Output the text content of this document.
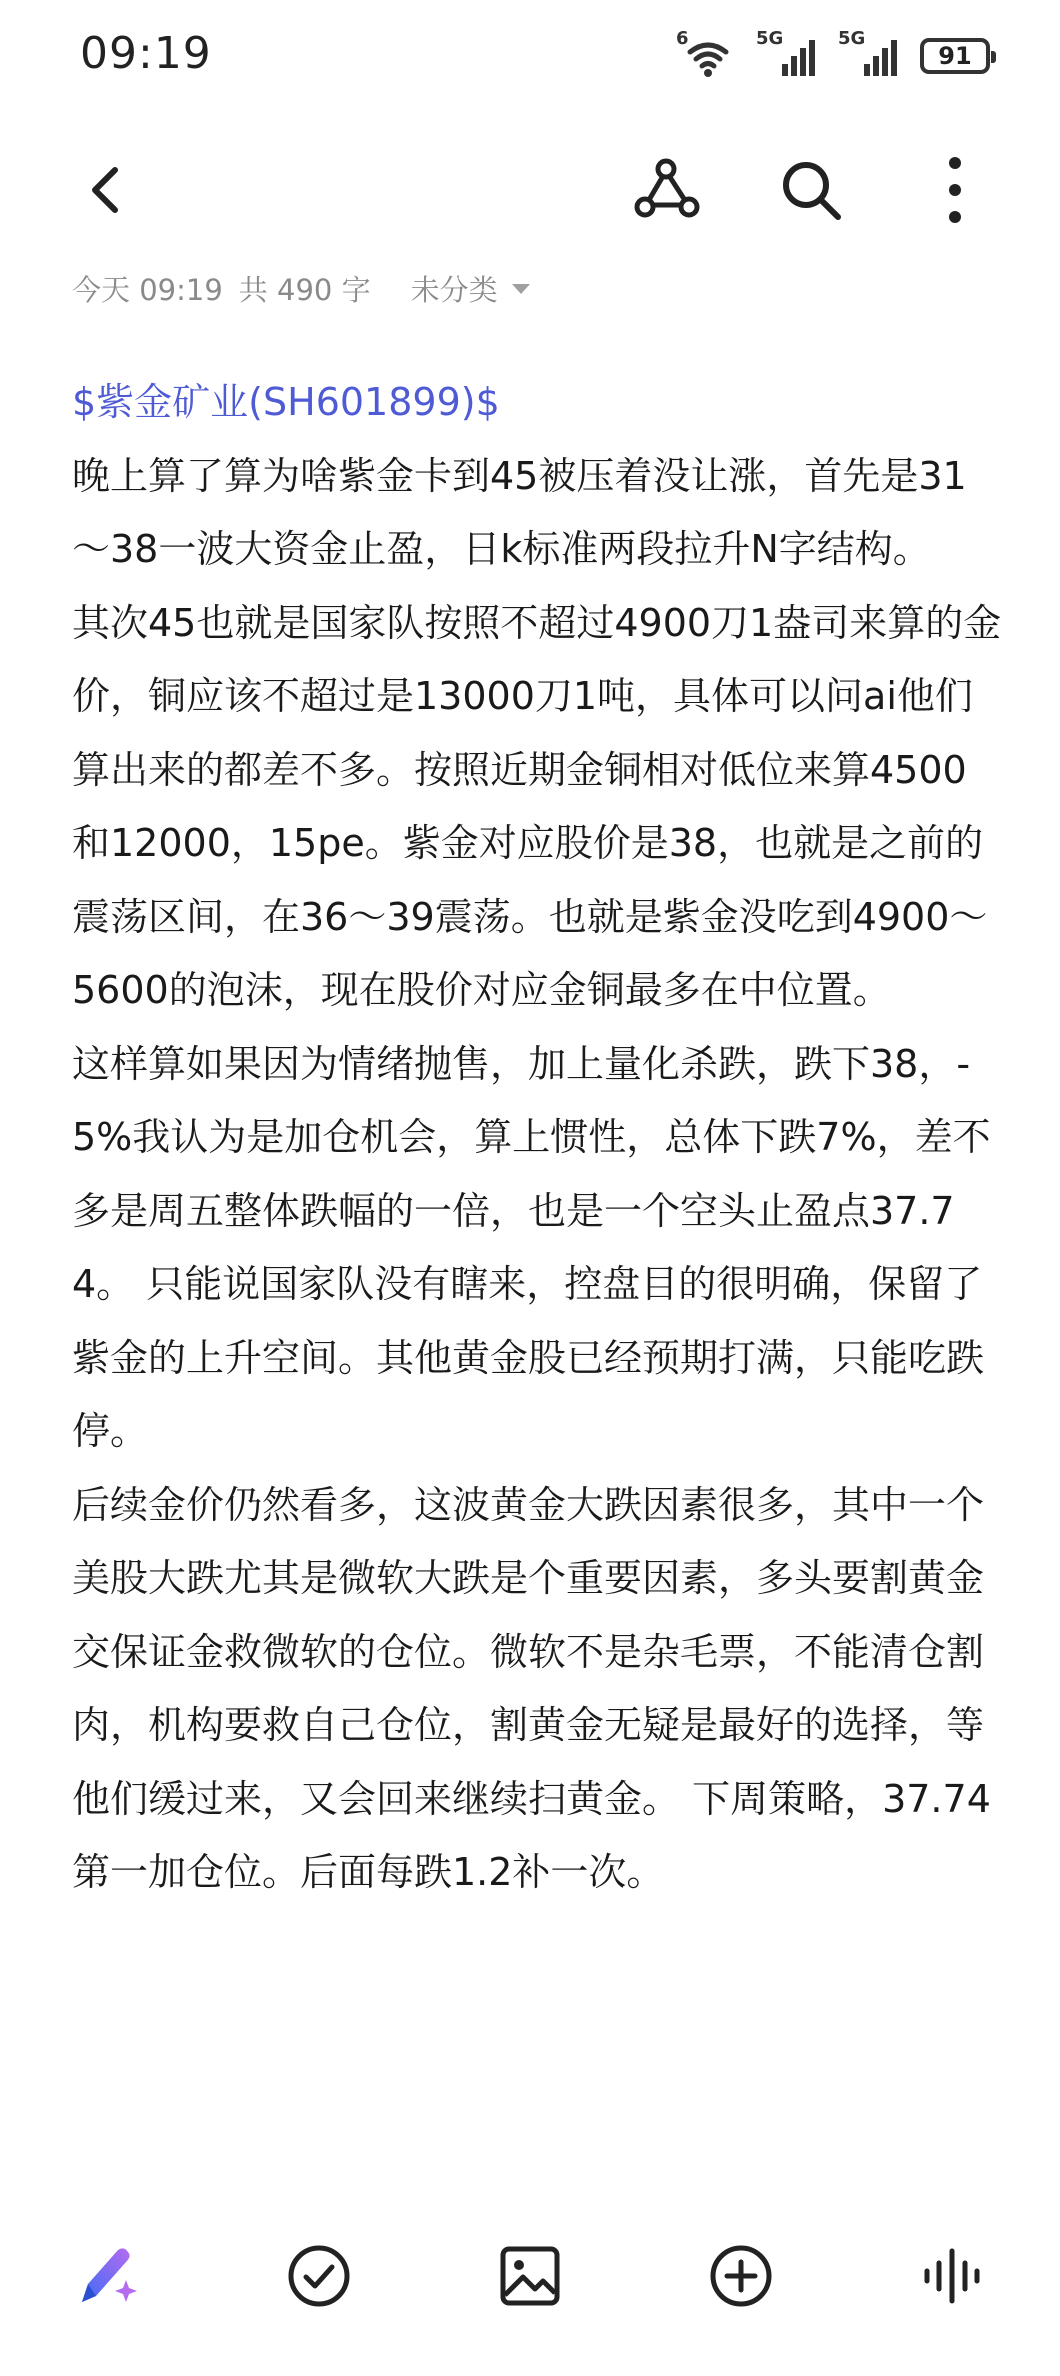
09:19	6	5G	5G
91
今天 09:19 共 490 字 未分类
$紫金矿业(SH601899)$
晚上算了算为啥紫金卡到45被压着没让涨，首先是31～38一波大资金止盈，日k标准两段拉升N字结构。
其次45也就是国家队按照不超过4900刀1盎司来算的金价，铜应该不超过是13000刀1吨，具体可以问ai他们算出来的都差不多。按照近期金铜相对低位来算4500和12000，15pe。紫金对应股价是38，也就是之前的震荡区间，在36～39震荡。也就是紫金没吃到4900～5600的泡沫，现在股价对应金铜最多在中位置。
这样算如果因为情绪抛售，加上量化杀跌，跌下38，-5%我认为是加仓机会，算上惯性，总体下跌7%，差不多是周五整体跌幅的一倍，也是一个空头止盈点37.74。 只能说国家队没有瞎来，控盘目的很明确，保留了紫金的上升空间。其他黄金股已经预期打满，只能吃跌停。
后续金价仍然看多，这波黄金大跌因素很多，其中一个美股大跌尤其是微软大跌是个重要因素，多头要割黄金交保证金救微软的仓位。微软不是杂毛票，不能清仓割肉，机构要救自己仓位，割黄金无疑是最好的选择，等他们缓过来，又会回来继续扫黄金。 下周策略，37.74第一加仓位。后面每跌1.2补一次。
